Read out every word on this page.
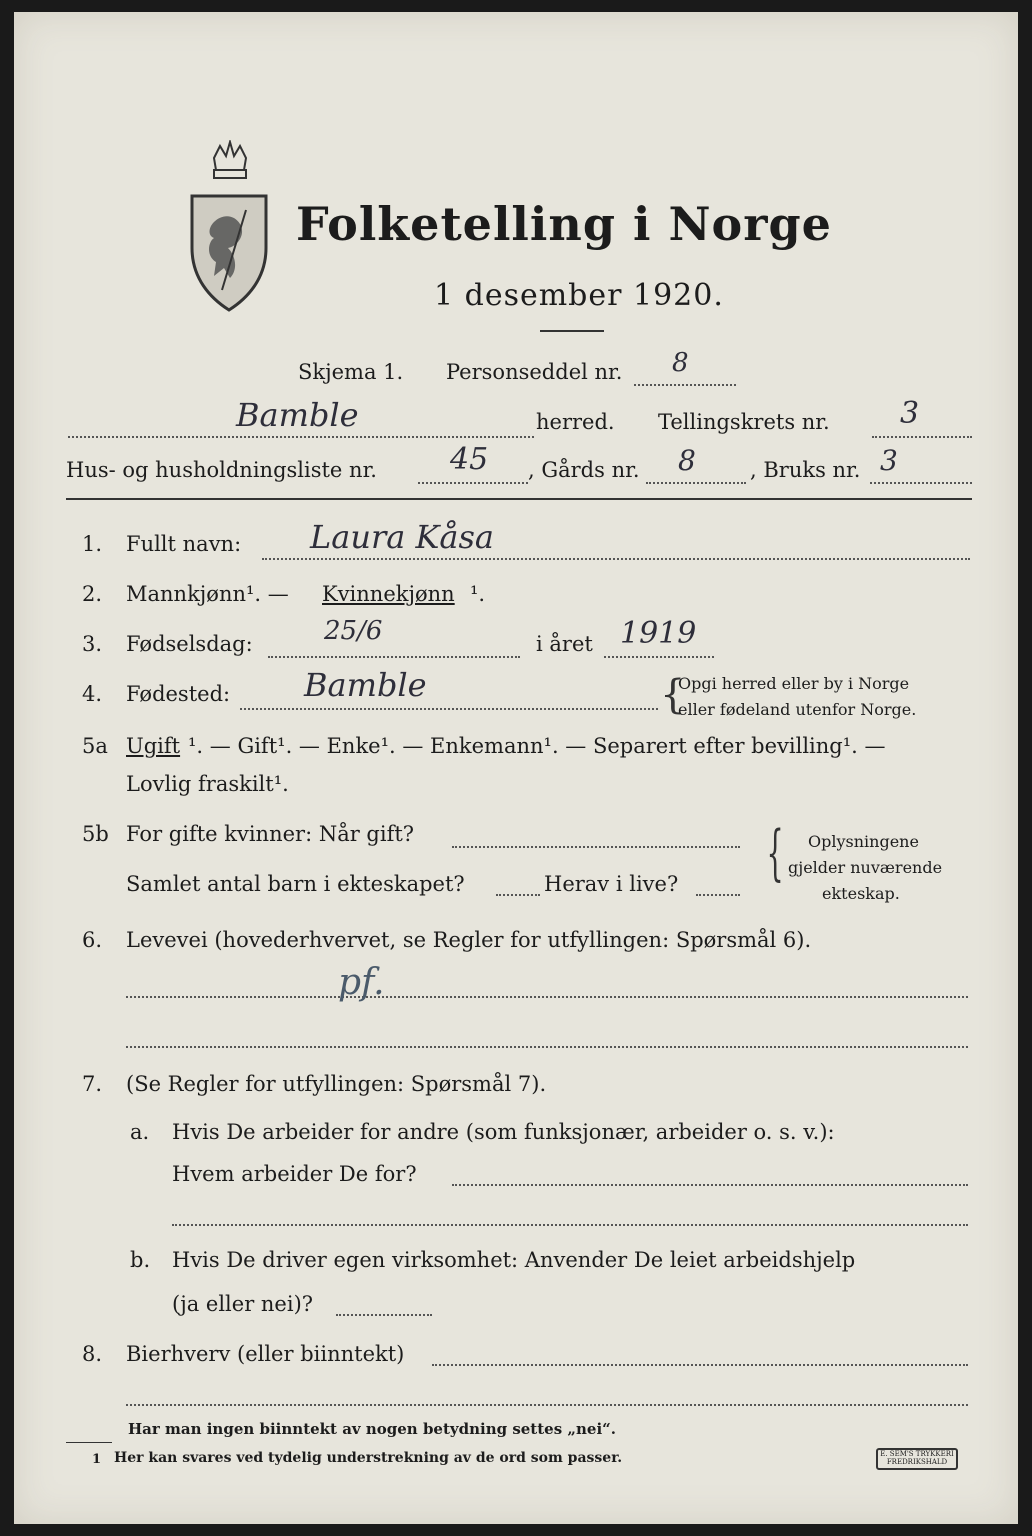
Folketelling i Norge
1 desember 1920.
Skjema 1. Personseddel nr. 8
Bamble	herred. Tellingskrets nr. 3
Hus- og husholdningsliste nr. 45 , Gårds nr. 8	, Bruks nr. 3
1. Fullt navn: Laura Kåsa
2. Mannkjønn¹. — Kvinnekjønn ¹.
3. Fødselsdag:	25/6	i året 1919
4. Fødested: Bamble	{
Opgi herred eller by i Norge
eller fødeland utenfor Norge.
5a Ugift ¹. — Gift¹. — Enke¹. — Enkemann¹. — Separert efter bevilling¹. —
Lovlig fraskilt¹.
5b For gifte kvinner: Når gift?
Samlet antal barn i ekteskapet?	Herav i live? { Oplysningene
gjelder nuværende
ekteskap.
6. Levevei (hovederhvervet, se Regler for utfyllingen: Spørsmål 6).
pf.
7. (Se Regler for utfyllingen: Spørsmål 7).
a. Hvis De arbeider for andre (som funksjonær, arbeider o. s. v.):
Hvem arbeider De for?
b. Hvis De driver egen virksomhet: Anvender De leiet arbeidshjelp
(ja eller nei)?
8. Bierhverv (eller biinntekt)
Har man ingen biinntekt av nogen betydning settes „nei“.
1 Her kan svares ved tydelig understrekning av de ord som passer.	E. SEM'S TRYKKERI FREDRIKSHALD
